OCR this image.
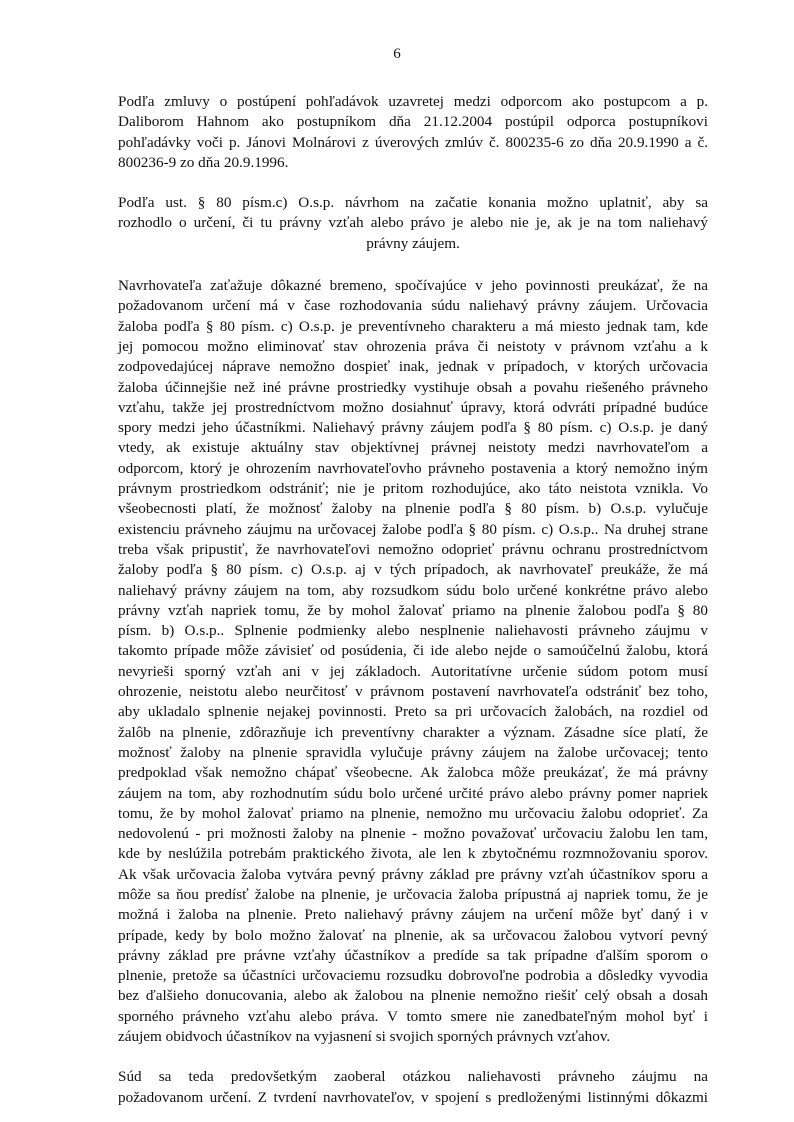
6
Podľa zmluvy o postúpení pohľadávok uzavretej medzi odporcom ako postupcom a p.
Daliborom Hahnom ako postupníkom dňa 21.12.2004 postúpil odporca postupníkovi
pohľadávky voči p. Jánovi Molnárovi z úverových zmlúv č. 800235-6 zo dňa 20.9.1990 a č.
800236-9 zo dňa 20.9.1996.
Podľa ust. § 80 písm.c) O.s.p. návrhom na začatie konania možno uplatniť, aby sa
rozhodlo o určení, či tu právny vzťah alebo právo je alebo nie je, ak je na tom naliehavý
právny záujem.
Navrhovateľa zaťažuje dôkazné bremeno, spočívajúce v jeho povinnosti preukázať, že na
požadovanom určení má v čase rozhodovania súdu naliehavý právny záujem. Určovacia
žaloba podľa § 80 písm. c) O.s.p. je preventívneho charakteru a má miesto jednak tam, kde
jej pomocou možno eliminovať stav ohrozenia práva či neistoty v právnom vzťahu a k
zodpovedajúcej náprave nemožno dospieť inak, jednak v prípadoch, v ktorých určovacia
žaloba účinnejšie než iné právne prostriedky vystihuje obsah a povahu riešeného právneho
vzťahu, takže jej prostredníctvom možno dosiahnuť úpravy, ktorá odvráti prípadné budúce
spory medzi jeho účastníkmi. Naliehavý právny záujem podľa § 80 písm. c) O.s.p. je daný
vtedy, ak existuje aktuálny stav objektívnej právnej neistoty medzi navrhovateľom a
odporcom, ktorý je ohrozením navrhovateľovho právneho postavenia a ktorý nemožno iným
právnym prostriedkom odstrániť; nie je pritom rozhodujúce, ako táto neistota vznikla. Vo
všeobecnosti platí, že možnosť žaloby na plnenie podľa § 80 písm. b) O.s.p. vylučuje
existenciu právneho záujmu na určovacej žalobe podľa § 80 písm. c) O.s.p.. Na druhej strane
treba však pripustiť, že navrhovateľovi nemožno odoprieť právnu ochranu prostredníctvom
žaloby podľa § 80 písm. c) O.s.p. aj v tých prípadoch, ak navrhovateľ preukáže, že má
naliehavý právny záujem na tom, aby rozsudkom súdu bolo určené konkrétne právo alebo
právny vzťah napriek tomu, že by mohol žalovať priamo na plnenie žalobou podľa § 80
písm. b) O.s.p.. Splnenie podmienky alebo nesplnenie naliehavosti právneho záujmu v
takomto prípade môže závisieť od posúdenia, či ide alebo nejde o samoúčelnú žalobu, ktorá
nevyrieši sporný vzťah ani v jej základoch. Autoritatívne určenie súdom potom musí
ohrozenie, neistotu alebo neurčitosť v právnom postavení navrhovateľa odstrániť bez toho,
aby ukladalo splnenie nejakej povinnosti. Preto sa pri určovacích žalobách, na rozdiel od
žalôb na plnenie, zdôrazňuje ich preventívny charakter a význam. Zásadne síce platí, že
možnosť žaloby na plnenie spravidla vylučuje právny záujem na žalobe určovacej; tento
predpoklad však nemožno chápať všeobecne. Ak žalobca môže preukázať, že má právny
záujem na tom, aby rozhodnutím súdu bolo určené určité právo alebo právny pomer napriek
tomu, že by mohol žalovať priamo na plnenie, nemožno mu určovaciu žalobu odoprieť. Za
nedovolenú - pri možnosti žaloby na plnenie - možno považovať určovaciu žalobu len tam,
kde by neslúžila potrebám praktického života, ale len k zbytočnému rozmnožovaniu sporov.
Ak však určovacia žaloba vytvára pevný právny základ pre právny vzťah účastníkov sporu a
môže sa ňou predísť žalobe na plnenie, je určovacia žaloba prípustná aj napriek tomu, že je
možná i žaloba na plnenie. Preto naliehavý právny záujem na určení môže byť daný i v
prípade, kedy by bolo možno žalovať na plnenie, ak sa určovacou žalobou vytvorí pevný
právny základ pre právne vzťahy účastníkov a predíde sa tak prípadne ďalším sporom o
plnenie, pretože sa účastníci určovaciemu rozsudku dobrovoľne podrobia a dôsledky vyvodia
bez ďalšieho donucovania, alebo ak žalobou na plnenie nemožno riešiť celý obsah a dosah
sporného právneho vzťahu alebo práva. V tomto smere nie zanedbateľným mohol byť i
záujem obidvoch účastníkov na vyjasnení si svojich sporných právnych vzťahov.
Súd sa teda predovšetkým zaoberal otázkou naliehavosti právneho záujmu na
požadovanom určení. Z tvrdení navrhovateľov, v spojení s predloženými listinnými dôkazmi
